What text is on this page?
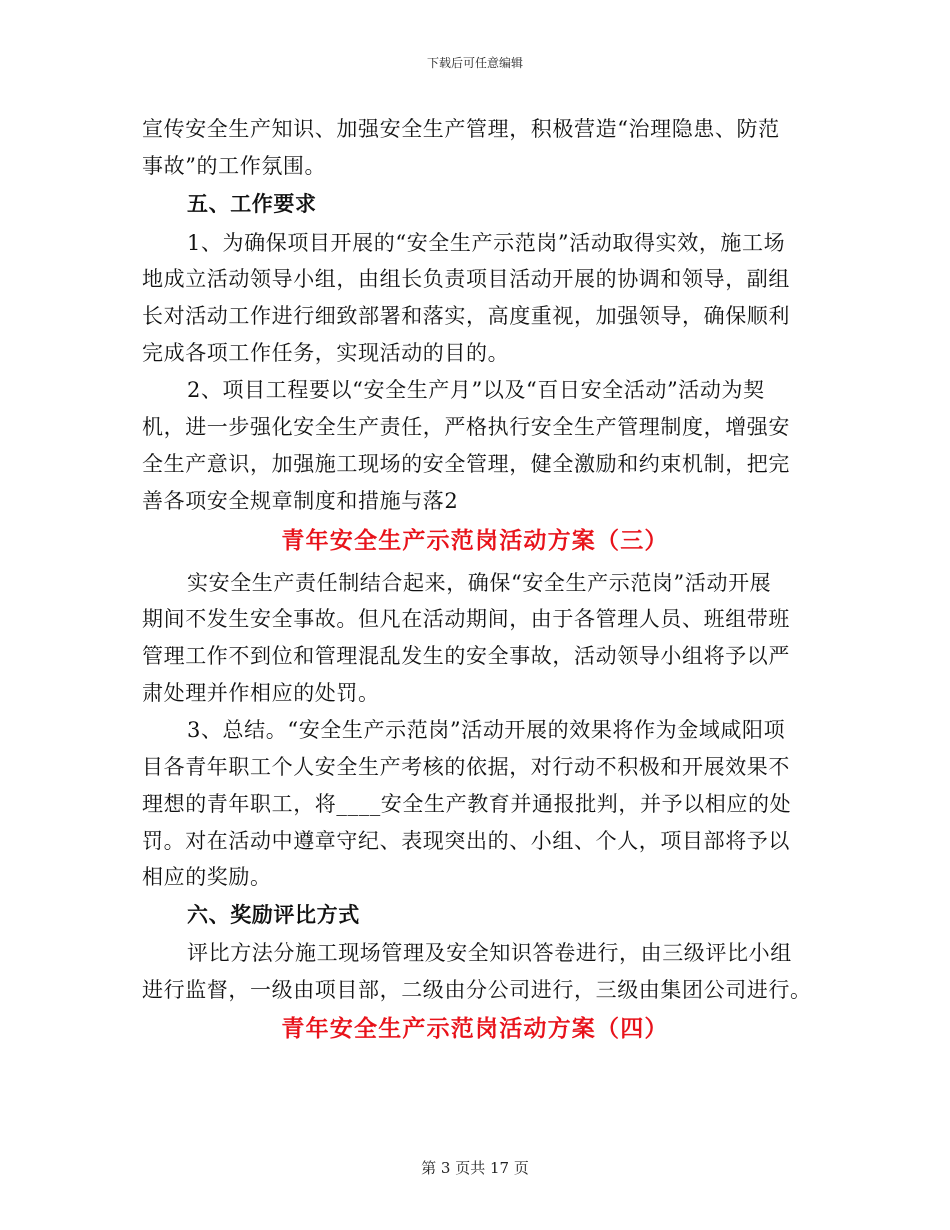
下载后可任意编辑
宣传安全生产知识、加强安全生产管理，积极营造“治理隐患、防范
事故”的工作氛围。
五、工作要求
1、为确保项目开展的“安全生产示范岗”活动取得实效，施工场
地成立活动领导小组，由组长负责项目活动开展的协调和领导，副组
长对活动工作进行细致部署和落实，高度重视，加强领导，确保顺利
完成各项工作任务，实现活动的目的。
2、项目工程要以“安全生产月”以及“百日安全活动”活动为契
机，进一步强化安全生产责任，严格执行安全生产管理制度，增强安
全生产意识，加强施工现场的安全管理，健全激励和约束机制，把完
善各项安全规章制度和措施与落2
青年安全生产示范岗活动方案（三）
实安全生产责任制结合起来，确保“安全生产示范岗”活动开展
期间不发生安全事故。但凡在活动期间，由于各管理人员、班组带班
管理工作不到位和管理混乱发生的安全事故，活动领导小组将予以严
肃处理并作相应的处罚。
3、总结。“安全生产示范岗”活动开展的效果将作为金域咸阳项
目各青年职工个人安全生产考核的依据，对行动不积极和开展效果不
理想的青年职工，将____安全生产教育并通报批判，并予以相应的处
罚。对在活动中遵章守纪、表现突出的、小组、个人，项目部将予以
相应的奖励。
六、奖励评比方式
评比方法分施工现场管理及安全知识答卷进行，由三级评比小组
进行监督，一级由项目部，二级由分公司进行，三级由集团公司进行。
青年安全生产示范岗活动方案（四）
第 3 页共 17 页
